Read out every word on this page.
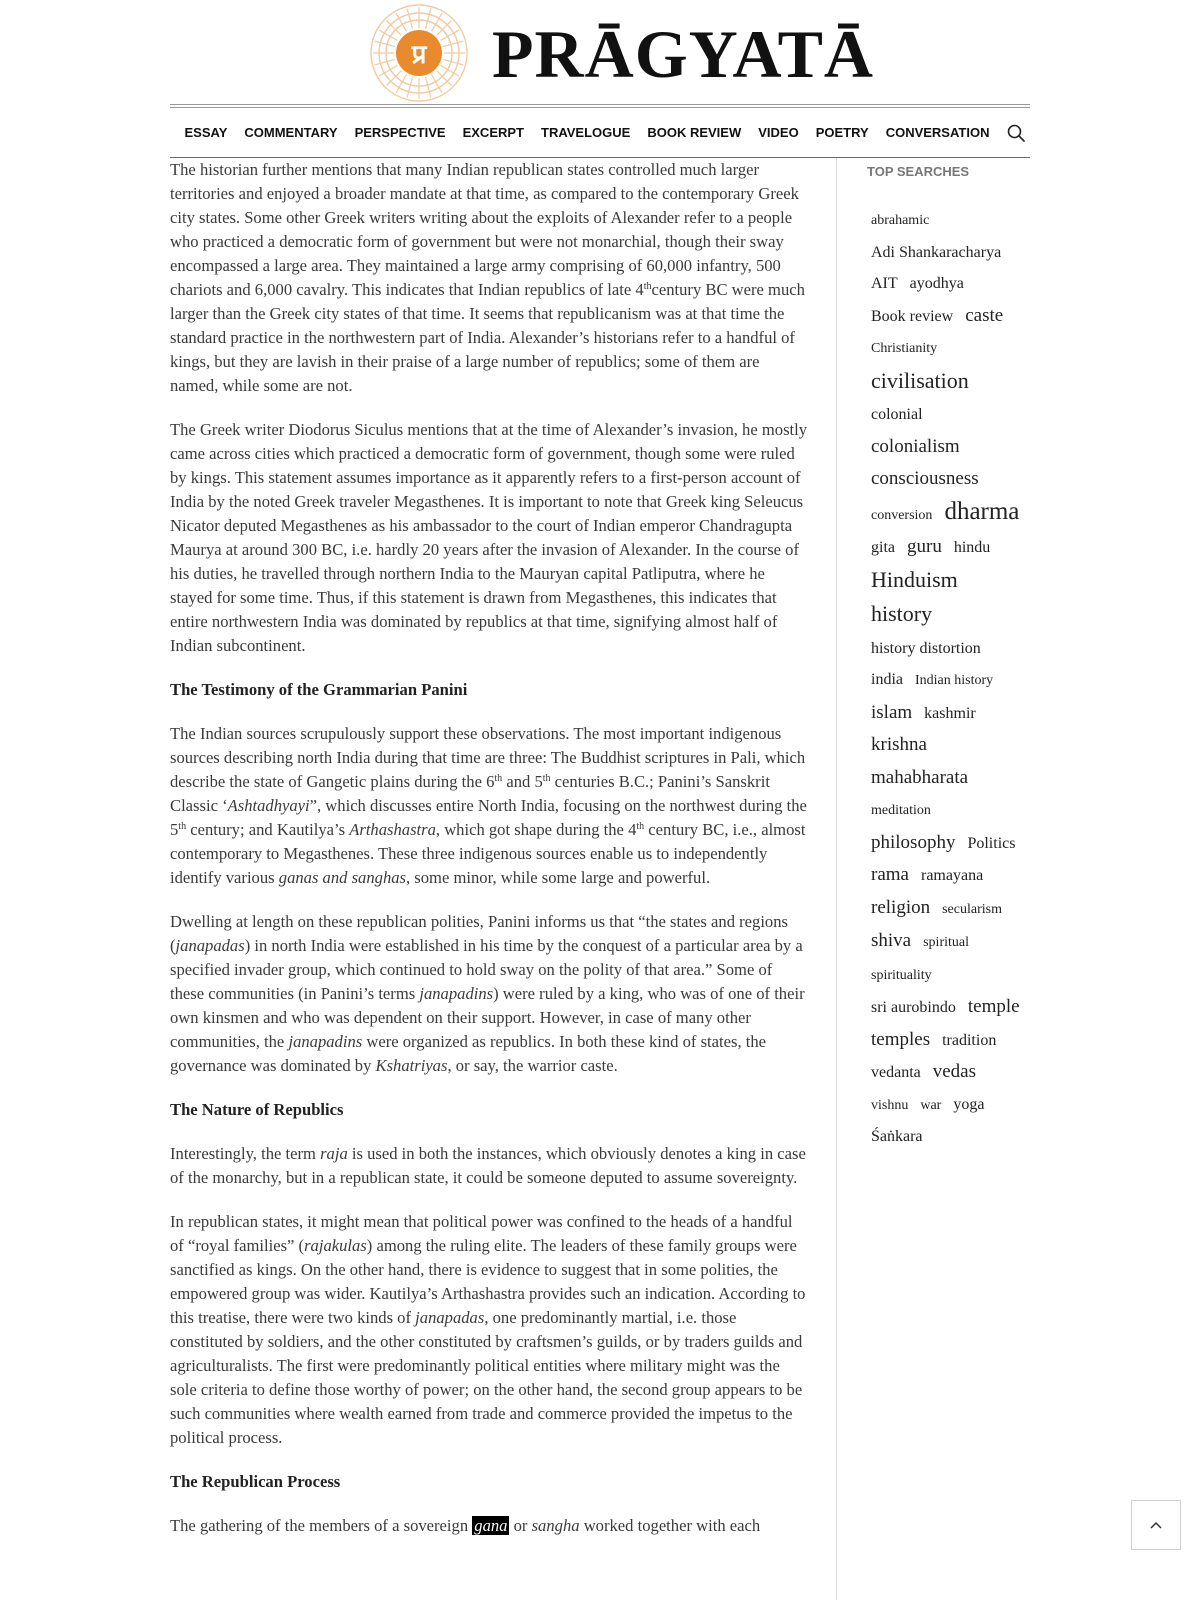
प्र PRĀGYATĀ
ESSAY COMMENTARY PERSPECTIVE EXCERPT TRAVELOGUE BOOK REVIEW VIDEO POETRY CONVERSATION

The historian further mentions that many Indian republican states controlled much larger territories and enjoyed a broader mandate at that time, as compared to the contemporary Greek city states. Some other Greek writers writing about the exploits of Alexander refer to a people who practiced a democratic form of government but were not monarchial, though their sway encompassed a large area. They maintained a large army comprising of 60,000 infantry, 500 chariots and 6,000 cavalry. This indicates that Indian republics of late 4thcentury BC were much larger than the Greek city states of that time. It seems that republicanism was at that time the standard practice in the northwestern part of India. Alexander’s historians refer to a handful of kings, but they are lavish in their praise of a large number of republics; some of them are named, while some are not.

The Greek writer Diodorus Siculus mentions that at the time of Alexander’s invasion, he mostly came across cities which practiced a democratic form of government, though some were ruled by kings. This statement assumes importance as it apparently refers to a first-person account of India by the noted Greek traveler Megasthenes. It is important to note that Greek king Seleucus Nicator deputed Megasthenes as his ambassador to the court of Indian emperor Chandragupta Maurya at around 300 BC, i.e. hardly 20 years after the invasion of Alexander. In the course of his duties, he travelled through northern India to the Mauryan capital Patliputra, where he stayed for some time. Thus, if this statement is drawn from Megasthenes, this indicates that entire northwestern India was dominated by republics at that time, signifying almost half of Indian subcontinent.

The Testimony of the Grammarian Panini

The Indian sources scrupulously support these observations. The most important indigenous sources describing north India during that time are three: The Buddhist scriptures in Pali, which describe the state of Gangetic plains during the 6th and 5th centuries B.C.; Panini’s Sanskrit Classic ‘Ashtadhyayi”, which discusses entire North India, focusing on the northwest during the 5th century; and Kautilya’s Arthashastra, which got shape during the 4th century BC, i.e., almost contemporary to Megasthenes. These three indigenous sources enable us to independently identify various ganas and sanghas, some minor, while some large and powerful.

Dwelling at length on these republican polities, Panini informs us that “the states and regions (janapadas) in north India were established in his time by the conquest of a particular area by a specified invader group, which continued to hold sway on the polity of that area.” Some of these communities (in Panini’s terms janapadins) were ruled by a king, who was of one of their own kinsmen and who was dependent on their support. However, in case of many other communities, the janapadins were organized as republics. In both these kind of states, the governance was dominated by Kshatriyas, or say, the warrior caste.

The Nature of Republics

Interestingly, the term raja is used in both the instances, which obviously denotes a king in case of the monarchy, but in a republican state, it could be someone deputed to assume sovereignty.

In republican states, it might mean that political power was confined to the heads of a handful of “royal families” (rajakulas) among the ruling elite. The leaders of these family groups were sanctified as kings. On the other hand, there is evidence to suggest that in some polities, the empowered group was wider. Kautilya’s Arthashastra provides such an indication. According to this treatise, there were two kinds of janapadas, one predominantly martial, i.e. those constituted by soldiers, and the other constituted by craftsmen’s guilds, or by traders guilds and agriculturalists. The first were predominantly political entities where military might was the sole criteria to define those worthy of power; on the other hand, the second group appears to be such communities where wealth earned from trade and commerce provided the impetus to the political process.

The Republican Process

The gathering of the members of a sovereign gana or sangha worked together with each

TOP SEARCHES
abrahamic Adi Shankaracharya AIT ayodhya Book review caste Christianity civilisation colonial colonialism consciousness conversion dharma gita guru hindu Hinduism history history distortion india Indian history islam kashmir krishna mahabharata meditation philosophy Politics rama ramayana religion secularism shiva spiritual spirituality sri aurobindo temple temples tradition vedanta vedas vishnu war yoga Śaṅkara
